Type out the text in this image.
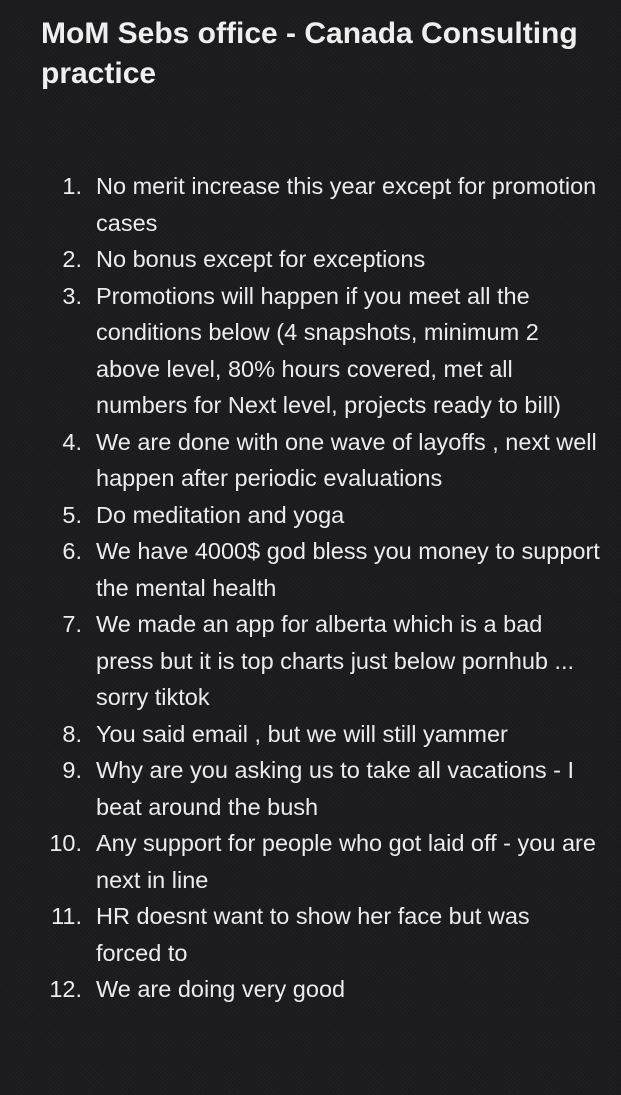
MoM Sebs office - Canada Consulting practice
1. No merit increase this year except for promotion cases
2. No bonus except for exceptions
3. Promotions will happen if you meet all the conditions below (4 snapshots, minimum 2 above level, 80% hours covered, met all numbers for Next level, projects ready to bill)
4. We are done with one wave of layoffs , next well happen after periodic evaluations
5. Do meditation and yoga
6. We have 4000$ god bless you money to support the mental health
7. We made an app for alberta which is a bad press but it is top charts just below pornhub ... sorry tiktok
8. You said email , but we will still yammer
9. Why are you asking us to take all vacations - I beat around the bush
10. Any support for people who got laid off - you are next in line
11. HR doesnt want to show her face but was forced to
12. We are doing very good
